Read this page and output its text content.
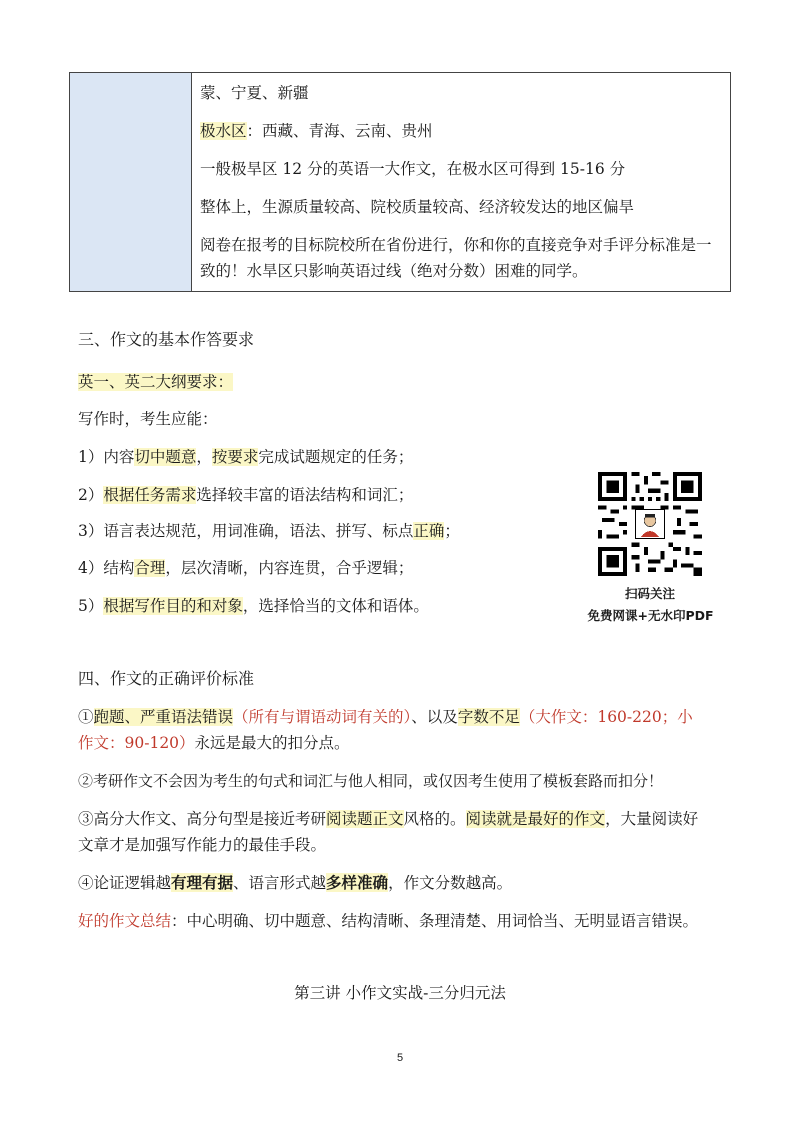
蒙、宁夏、新疆
极水区：西藏、青海、云南、贵州
一般极旱区 12 分的英语一大作文，在极水区可得到 15-16 分
整体上，生源质量较高、院校质量较高、经济较发达的地区偏旱
阅卷在报考的目标院校所在省份进行，你和你的直接竞争对手评分标准是一
致的！水旱区只影响英语过线（绝对分数）困难的同学。
三、作文的基本作答要求
英一、英二大纲要求：
写作时，考生应能：
1）内容切中题意，按要求完成试题规定的任务；
2）根据任务需求选择较丰富的语法结构和词汇；
3）语言表达规范，用词准确，语法、拼写、标点正确；
4）结构合理，层次清晰，内容连贯，合乎逻辑；
5）根据写作目的和对象，选择恰当的文体和语体。
扫码关注
免费网课+无水印PDF
四、作文的正确评价标准
①跑题、严重语法错误（所有与谓语动词有关的）、以及字数不足（大作文：160-220；小
作文：90-120）永远是最大的扣分点。
②考研作文不会因为考生的句式和词汇与他人相同，或仅因考生使用了模板套路而扣分！
③高分大作文、高分句型是接近考研阅读题正文风格的。阅读就是最好的作文，大量阅读好
文章才是加强写作能力的最佳手段。
④论证逻辑越有理有据、语言形式越多样准确，作文分数越高。
好的作文总结：中心明确、切中题意、结构清晰、条理清楚、用词恰当、无明显语言错误。
第三讲 小作文实战-三分归元法
5
